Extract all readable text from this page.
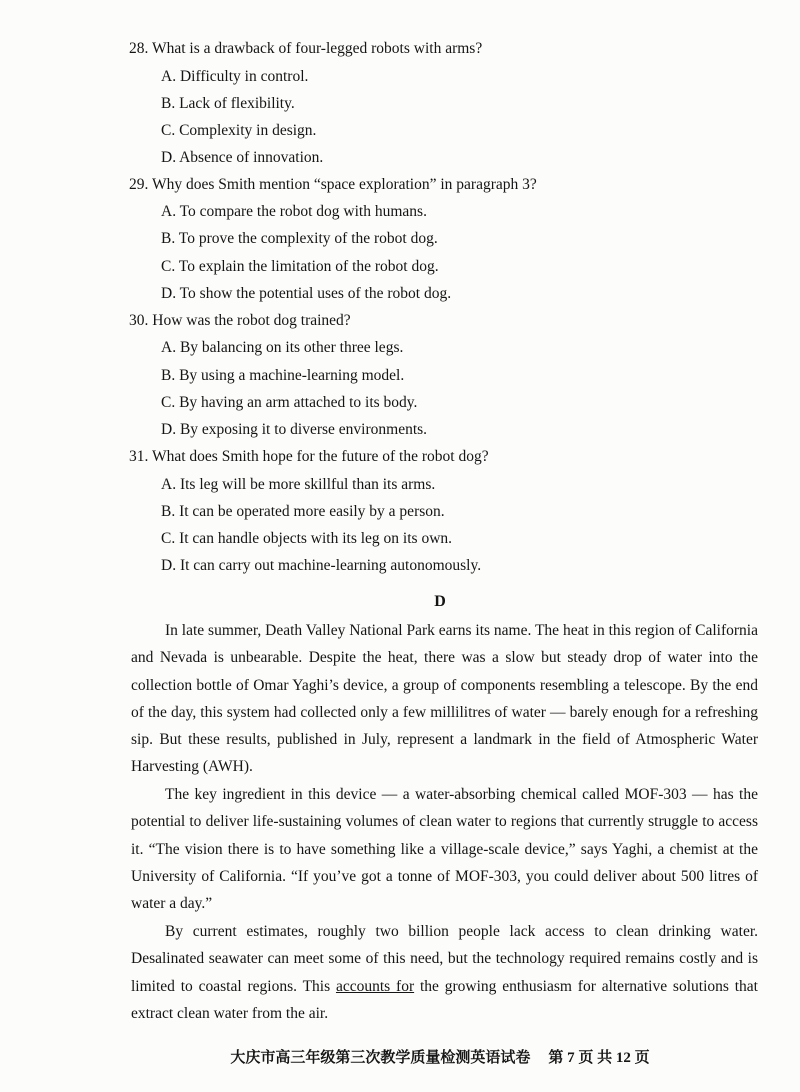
28. What is a drawback of four-legged robots with arms?
A. Difficulty in control.
B. Lack of flexibility.
C. Complexity in design.
D. Absence of innovation.
29. Why does Smith mention “space exploration” in paragraph 3?
A. To compare the robot dog with humans.
B. To prove the complexity of the robot dog.
C. To explain the limitation of the robot dog.
D. To show the potential uses of the robot dog.
30. How was the robot dog trained?
A. By balancing on its other three legs.
B. By using a machine-learning model.
C. By having an arm attached to its body.
D. By exposing it to diverse environments.
31. What does Smith hope for the future of the robot dog?
A. Its leg will be more skillful than its arms.
B. It can be operated more easily by a person.
C. It can handle objects with its leg on its own.
D. It can carry out machine-learning autonomously.
D
In late summer, Death Valley National Park earns its name. The heat in this region of California and Nevada is unbearable. Despite the heat, there was a slow but steady drop of water into the collection bottle of Omar Yaghi’s device, a group of components resembling a telescope. By the end of the day, this system had collected only a few millilitres of water — barely enough for a refreshing sip. But these results, published in July, represent a landmark in the field of Atmospheric Water Harvesting (AWH).
The key ingredient in this device — a water-absorbing chemical called MOF-303 — has the potential to deliver life-sustaining volumes of clean water to regions that currently struggle to access it. “The vision there is to have something like a village-scale device,” says Yaghi, a chemist at the University of California. “If you’ve got a tonne of MOF-303, you could deliver about 500 litres of water a day.”
By current estimates, roughly two billion people lack access to clean drinking water. Desalinated seawater can meet some of this need, but the technology required remains costly and is limited to coastal regions. This accounts for the growing enthusiasm for alternative solutions that extract clean water from the air.
大庆市高三年级第三次教学质量检测英语试卷 第 7 页 共 12 页
